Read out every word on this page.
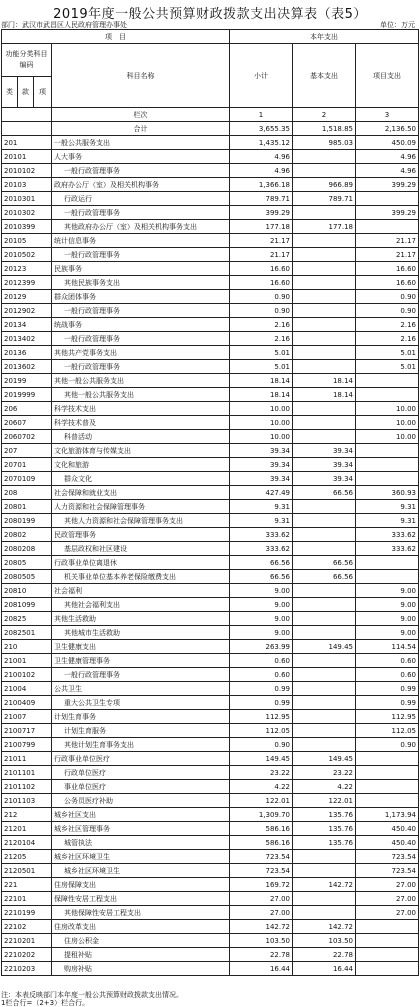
2019年度一般公共预算财政拨款支出决算表（表5）
部门：武汉市武昌区人民政府管理办事处	单位：万元
项　目				本年支出		
功能分类科目编码			科目名称	小计	基本支出	项目支出

类	款	项				
			栏次	1	2	3
			合计	3,655.35	1,518.85	2,136.50
201			一般公共服务支出	1,435.12	985.03	450.09
20101			人大事务	4.96		4.96
2010102			一般行政管理事务	4.96		4.96
20103			政府办公厅（室）及相关机构事务	1,366.18	966.89	399.29
2010301			行政运行	789.71	789.71	
2010302			一般行政管理事务	399.29		399.29
2010399			其他政府办公厅（室）及相关机构事务支出	177.18	177.18	
20105			统计信息事务	21.17		21.17
2010502			一般行政管理事务	21.17		21.17
20123			民族事务	16.60		16.60
2012399			其他民族事务支出	16.60		16.60
20129			群众团体事务	0.90		0.90
2012902			一般行政管理事务	0.90		0.90
20134			统战事务	2.16		2.16
2013402			一般行政管理事务	2.16		2.16
20136			其他共产党事务支出	5.01		5.01
2013602			一般行政管理事务	5.01		5.01
20199			其他一般公共服务支出	18.14	18.14	
2019999			其他一般公共服务支出	18.14	18.14	
206			科学技术支出	10.00		10.00
20607			科学技术普及	10.00		10.00
2060702			科普活动	10.00		10.00
207			文化旅游体育与传媒支出	39.34	39.34	
20701			文化和旅游	39.34	39.34	
2070109			群众文化	39.34	39.34	
208			社会保障和就业支出	427.49	66.56	360.93
20801			人力资源和社会保障管理事务	9.31		9.31
2080199			其他人力资源和社会保障管理事务支出	9.31		9.31
20802			民政管理事务	333.62		333.62
2080208			基层政权和社区建设	333.62		333.62
20805			行政事业单位离退休	66.56	66.56	
2080505			机关事业单位基本养老保险缴费支出	66.56	66.56	
20810			社会福利	9.00		9.00
2081099			其他社会福利支出	9.00		9.00
20825			其他生活救助	9.00		9.00
2082501			其他城市生活救助	9.00		9.00
210			卫生健康支出	263.99	149.45	114.54
21001			卫生健康管理事务	0.60		0.60
2100102			一般行政管理事务	0.60		0.60
21004			公共卫生	0.99		0.99
2100409			重大公共卫生专项	0.99		0.99
21007			计划生育事务	112.95		112.95
2100717			计划生育服务	112.05		112.05
2100799			其他计划生育事务支出	0.90		0.90
21011			行政事业单位医疗	149.45	149.45	
2101101			行政单位医疗	23.22	23.22	
2101102			事业单位医疗	4.22	4.22	
2101103			公务员医疗补助	122.01	122.01	
212			城乡社区支出	1,309.70	135.76	1,173.94
21201			城乡社区管理事务	586.16	135.76	450.40
2120104			城管执法	586.16	135.76	450.40
21205			城乡社区环境卫生	723.54		723.54
2120501			城乡社区环境卫生	723.54		723.54
221			住房保障支出	169.72	142.72	27.00
22101			保障性安居工程支出	27.00		27.00
2210199			其他保障性安居工程支出	27.00		27.00
22102			住房改革支出	142.72	142.72	
2210201			住房公积金	103.50	103.50	
2210202			提租补贴	22.78	22.78	
2210203			购房补贴	16.44	16.44	
注：本表反映部门本年度一般公共预算财政拨款支出情况。
1栏合行=（2+3）栏合行。
